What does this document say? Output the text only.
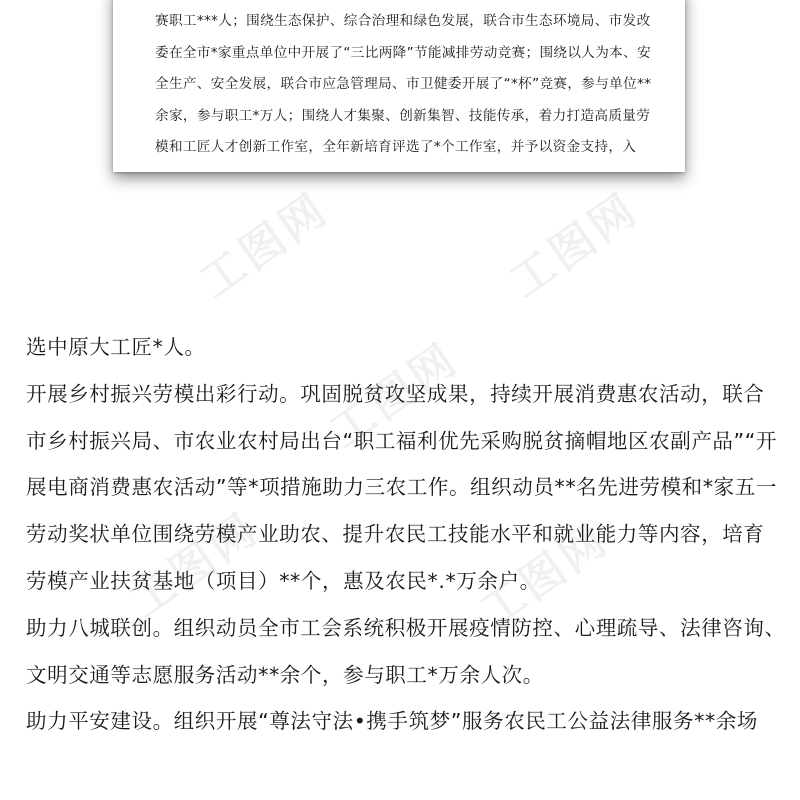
工图网	工图网
工图网
工图网	工图网
赛职工***人；围绕生态保护、综合治理和绿色发展，联合市生态环境局、市发改
委在全市*家重点单位中开展了“三比两降”节能减排劳动竞赛；围绕以人为本、安
全生产、安全发展，联合市应急管理局、市卫健委开展了“*杯”竞赛，参与单位**
余家，参与职工*万人；围绕人才集聚、创新集智、技能传承，着力打造高质量劳
模和工匠人才创新工作室，全年新培育评选了*个工作室，并予以资金支持，入
选中原大工匠*人。
开展乡村振兴劳模出彩行动。巩固脱贫攻坚成果，持续开展消费惠农活动，联合
市乡村振兴局、市农业农村局出台“职工福利优先采购脱贫摘帽地区农副产品”“开
展电商消费惠农活动”等*项措施助力三农工作。组织动员**名先进劳模和*家五一
劳动奖状单位围绕劳模产业助农、提升农民工技能水平和就业能力等内容，培育
劳模产业扶贫基地（项目）**个，惠及农民*.*万余户。
助力八城联创。组织动员全市工会系统积极开展疫情防控、心理疏导、法律咨询、
文明交通等志愿服务活动**余个，参与职工*万余人次。
助力平安建设。组织开展“尊法守法•携手筑梦”服务农民工公益法律服务**余场
